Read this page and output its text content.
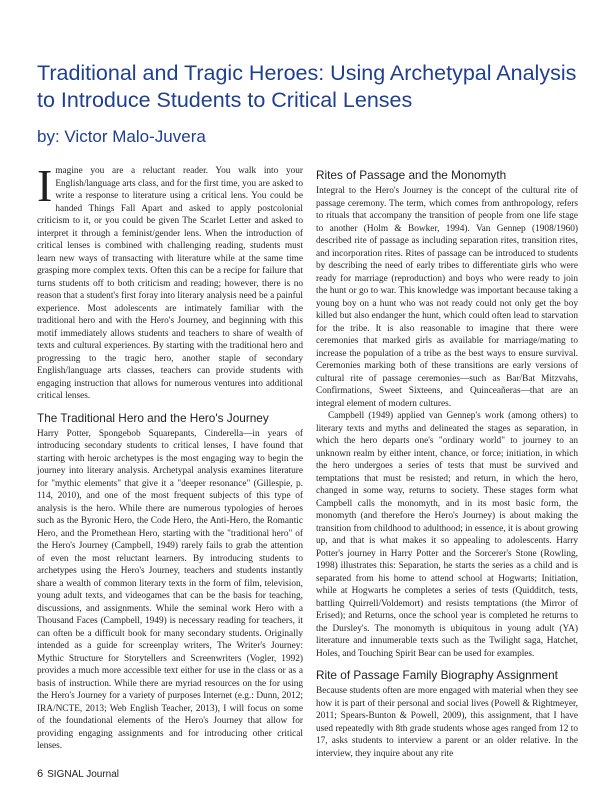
Traditional and Tragic Heroes: Using Archetypal Analysis to Introduce Students to Critical Lenses
by: Victor Malo-Juvera

Imagine you are a reluctant reader. You walk into your English/language arts class, and for the first time, you are asked to write a response to literature using a critical lens. You could be handed Things Fall Apart and asked to apply postcolonial criticism to it, or you could be given The Scarlet Letter and asked to interpret it through a feminist/gender lens. When the introduction of critical lenses is combined with challenging reading, students must learn new ways of transacting with literature while at the same time grasping more complex texts. Often this can be a recipe for failure that turns students off to both criticism and reading; however, there is no reason that a student's first foray into literary analysis need be a painful experience. Most adolescents are intimately familiar with the traditional hero and with the Hero's Journey, and beginning with this motif immediately allows students and teachers to share of wealth of texts and cultural experiences. By starting with the traditional hero and progressing to the tragic hero, another staple of secondary English/language arts classes, teachers can provide students with engaging instruction that allows for numerous ventures into additional critical lenses.

The Traditional Hero and the Hero's Journey

Harry Potter, Spongebob Squarepants, Cinderella—in years of introducing secondary students to critical lenses, I have found that starting with heroic archetypes is the most engaging way to begin the journey into literary analysis. Archetypal analysis examines literature for "mythic elements" that give it a "deeper resonance" (Gillespie, p. 114, 2010), and one of the most frequent subjects of this type of analysis is the hero. While there are numerous typologies of heroes such as the Byronic Hero, the Code Hero, the Anti-Hero, the Romantic Hero, and the Promethean Hero, starting with the "traditional hero" of the Hero's Journey (Campbell, 1949) rarely fails to grab the attention of even the most reluctant learners. By introducing students to archetypes using the Hero's Journey, teachers and students instantly share a wealth of common literary texts in the form of film, television, young adult texts, and videogames that can be the basis for teaching, discussions, and assignments. While the seminal work Hero with a Thousand Faces (Campbell, 1949) is necessary reading for teachers, it can often be a difficult book for many secondary students. Originally intended as a guide for screenplay writers, The Writer's Journey: Mythic Structure for Storytellers and Screenwriters (Vogler, 1992) provides a much more accessible text either for use in the class or as a basis of instruction. While there are myriad resources on the for using the Hero's Journey for a variety of purposes Internet (e.g.: Dunn, 2012; IRA/NCTE, 2013; Web English Teacher, 2013), I will focus on some of the foundational elements of the Hero's Journey that allow for providing engaging assignments and for introducing other critical lenses.

Rites of Passage and the Monomyth

Integral to the Hero's Journey is the concept of the cultural rite of passage ceremony. The term, which comes from anthropology, refers to rituals that accompany the transition of people from one life stage to another (Holm & Bowker, 1994). Van Gennep (1908/1960) described rite of passage as including separation rites, transition rites, and incorporation rites. Rites of passage can be introduced to students by describing the need of early tribes to differentiate girls who were ready for marriage (reproduction) and boys who were ready to join the hunt or go to war. This knowledge was important because taking a young boy on a hunt who was not ready could not only get the boy killed but also endanger the hunt, which could often lead to starvation for the tribe. It is also reasonable to imagine that there were ceremonies that marked girls as available for marriage/mating to increase the population of a tribe as the best ways to ensure survival. Ceremonies marking both of these transitions are early versions of cultural rite of passage ceremonies—such as Bar/Bat Mitzvahs, Confirmations, Sweet Sixteens, and Quinceañeras—that are an integral element of modern cultures.

Campbell (1949) applied van Gennep's work (among others) to literary texts and myths and delineated the stages as separation, in which the hero departs one's "ordinary world" to journey to an unknown realm by either intent, chance, or force; initiation, in which the hero undergoes a series of tests that must be survived and temptations that must be resisted; and return, in which the hero, changed in some way, returns to society. These stages form what Campbell calls the monomyth, and in its most basic form, the monomyth (and therefore the Hero's Journey) is about making the transition from childhood to adulthood; in essence, it is about growing up, and that is what makes it so appealing to adolescents. Harry Potter's journey in Harry Potter and the Sorcerer's Stone (Rowling, 1998) illustrates this: Separation, he starts the series as a child and is separated from his home to attend school at Hogwarts; Initiation, while at Hogwarts he completes a series of tests (Quidditch, tests, battling Quirrell/Voldemort) and resists temptations (the Mirror of Erised); and Returns, once the school year is completed he returns to the Dursley's. The monomyth is ubiquitous in young adult (YA) literature and innumerable texts such as the Twilight saga, Hatchet, Holes, and Touching Spirit Bear can be used for examples.

Rite of Passage Family Biography Assignment

Because students often are more engaged with material when they see how it is part of their personal and social lives (Powell & Rightmeyer, 2011; Spears-Bunton & Powell, 2009), this assignment, that I have used repeatedly with 8th grade students whose ages ranged from 12 to 17, asks students to interview a parent or an older relative. In the interview, they inquire about any rite

6 SIGNAL Journal
